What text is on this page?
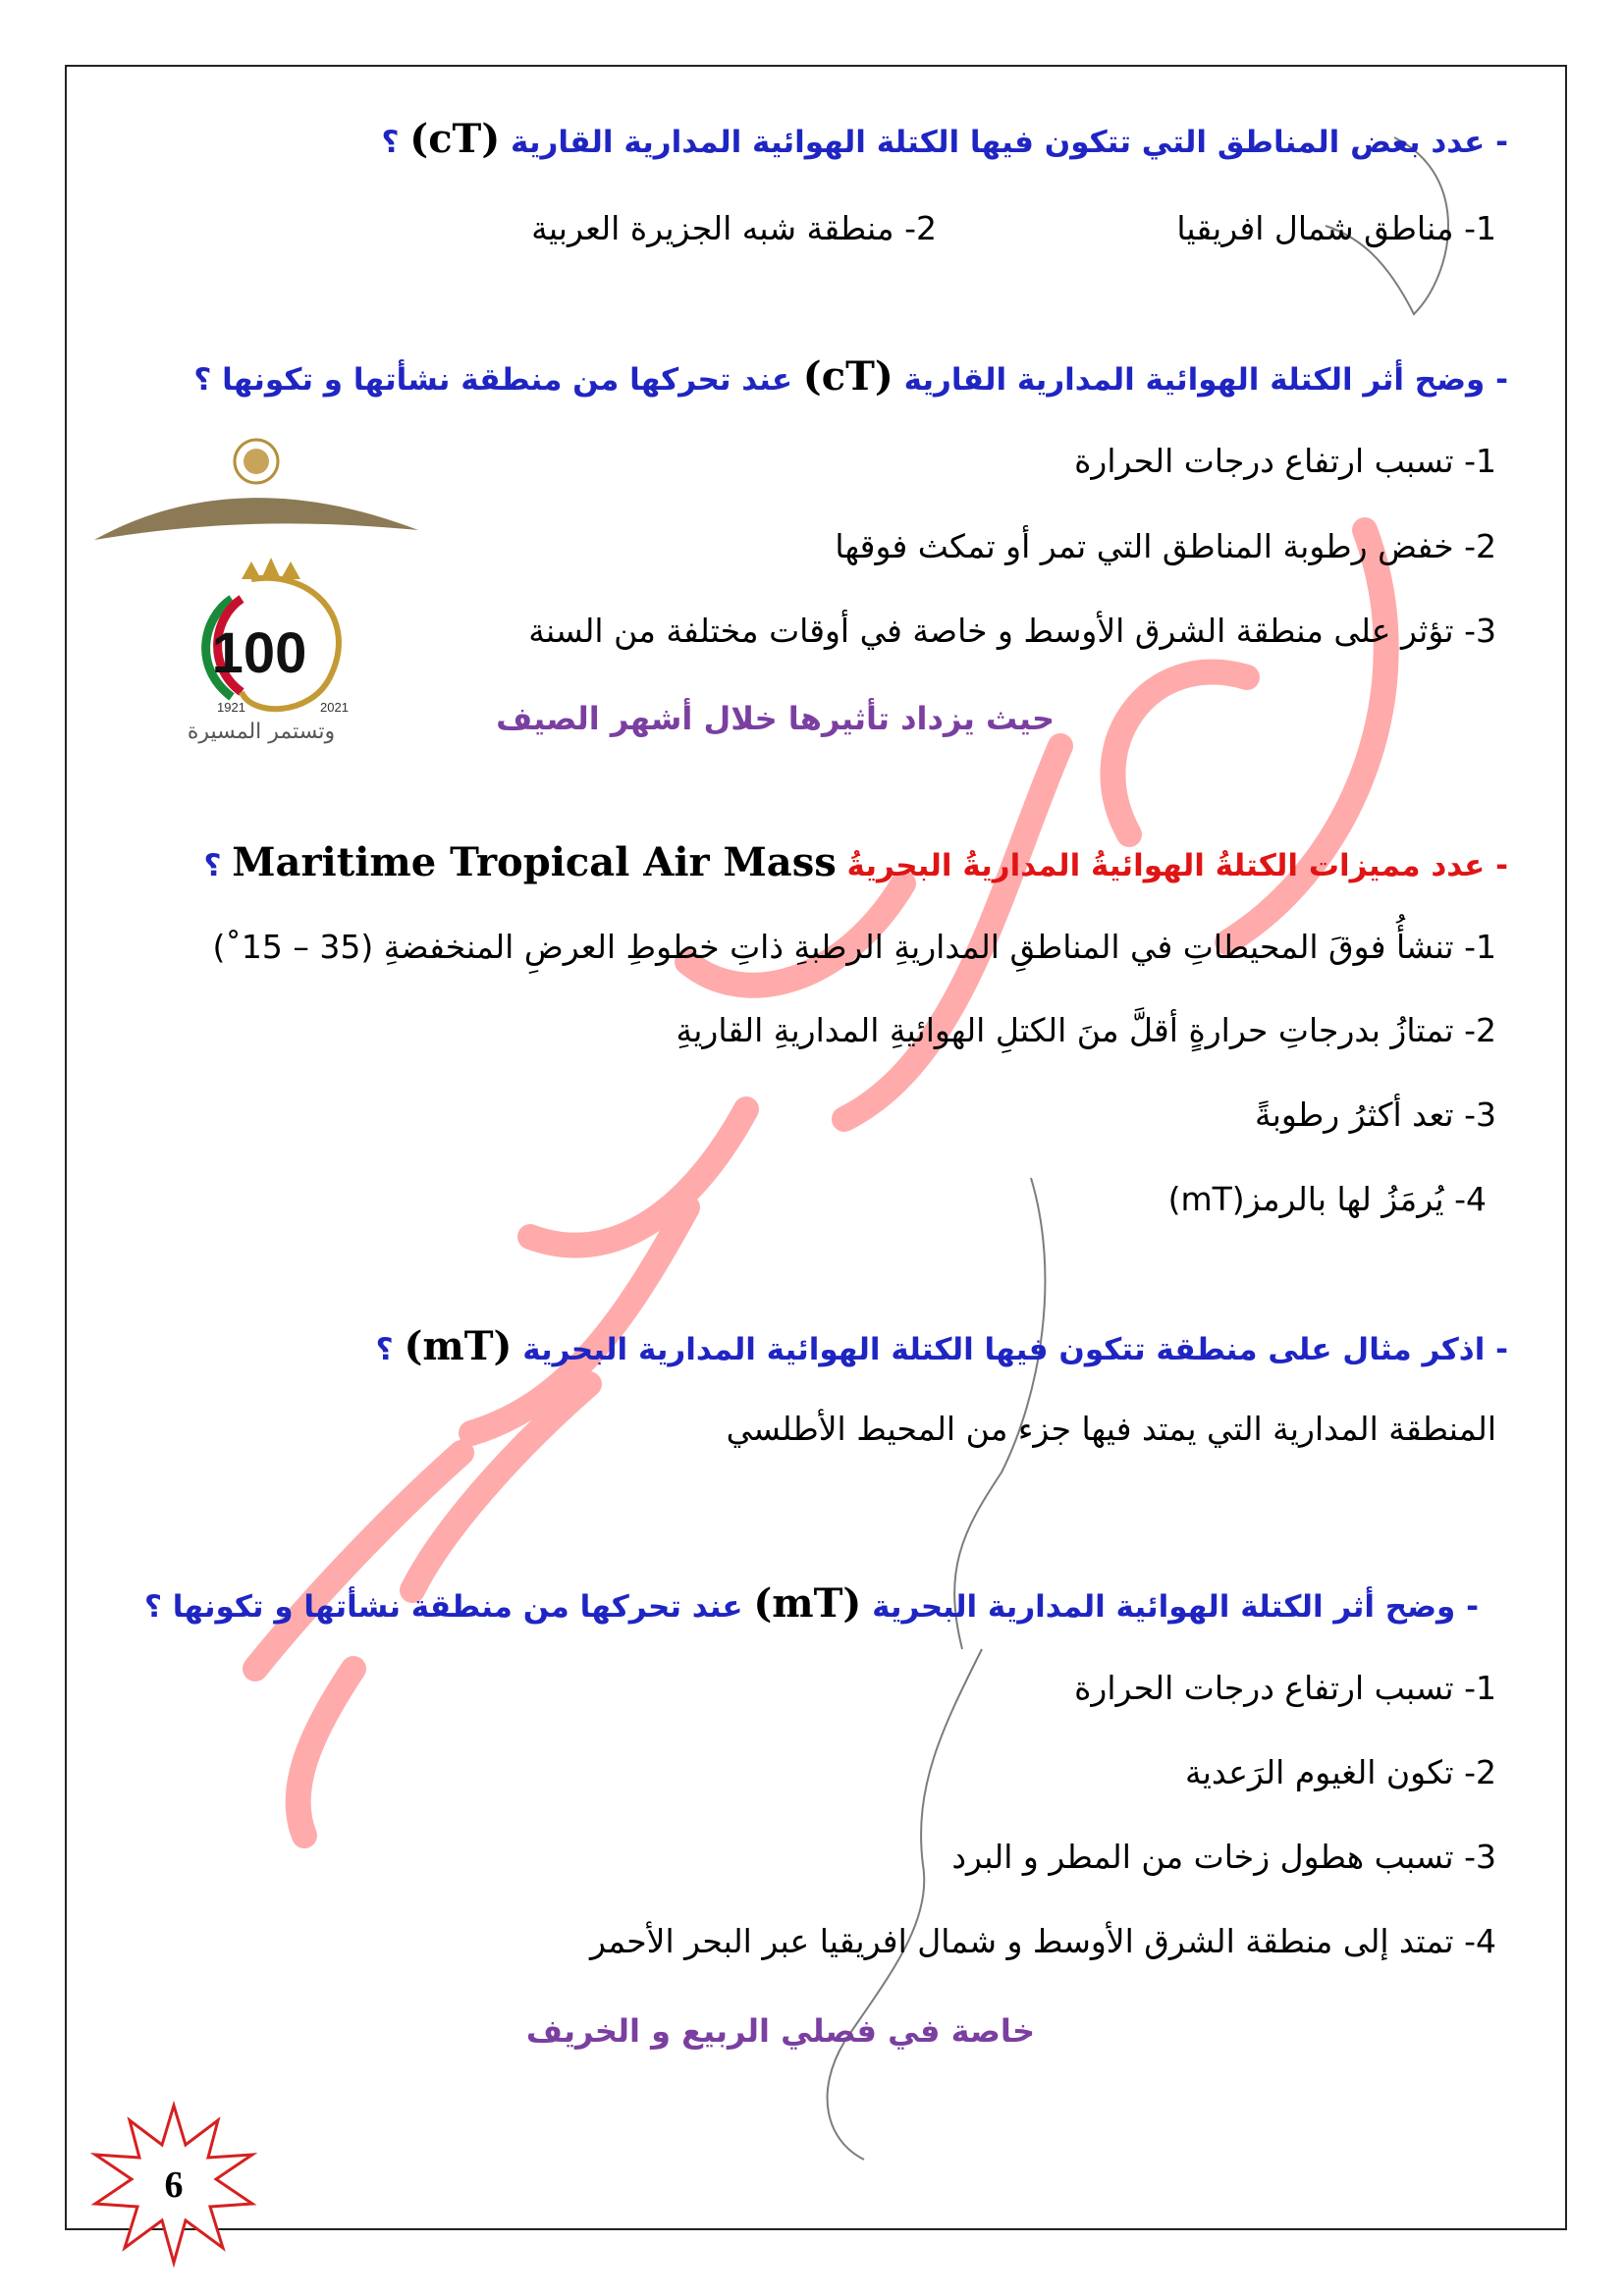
100
1921	2021
وتستمر المسيرة
- عدد بعض المناطق التي تتكون فيها الكتلة الهوائية المدارية القارية (cT) ؟
1- مناطق شمال افريقيا
2- منطقة شبه الجزيرة العربية
- وضح أثر الكتلة الهوائية المدارية القارية (cT) عند تحركها من منطقة نشأتها و تكونها ؟
1- تسبب ارتفاع درجات الحرارة
2- خفض رطوبة المناطق التي تمر أو تمكث فوقها
3- تؤثر على منطقة الشرق الأوسط و خاصة في أوقات مختلفة من السنة
حيث يزداد تأثيرها خلال أشهر الصيف
- عدد مميزات الكتلةُ الهوائيةُ المداريةُ البحريةُ Maritime Tropical Air Mass ؟
1- تنشأُ فوقَ المحيطاتِ في المناطقِ المداريةِ الرطبةِ ذاتِ خطوطِ العرضِ المنخفضةِ (35 – 15˚)
2- تمتازُ بدرجاتِ حرارةٍ أقلَّ منَ الكتلِ الهوائيةِ المداريةِ القاريةِ
3- تعد أكثرُ رطوبةً
4- يُرمَزُ لها بالرمز(mT)
- اذكر مثال على منطقة تتكون فيها الكتلة الهوائية المدارية البحرية (mT) ؟
المنطقة المدارية التي يمتد فيها جزء من المحيط الأطلسي
- وضح أثر الكتلة الهوائية المدارية البحرية (mT) عند تحركها من منطقة نشأتها و تكونها ؟
1- تسبب ارتفاع درجات الحرارة
2- تكون الغيوم الرَعدية
3- تسبب هطول زخات من المطر و البرد
4- تمتد إلى منطقة الشرق الأوسط و شمال افريقيا عبر البحر الأحمر
خاصة في فصلي الربيع و الخريف
6
